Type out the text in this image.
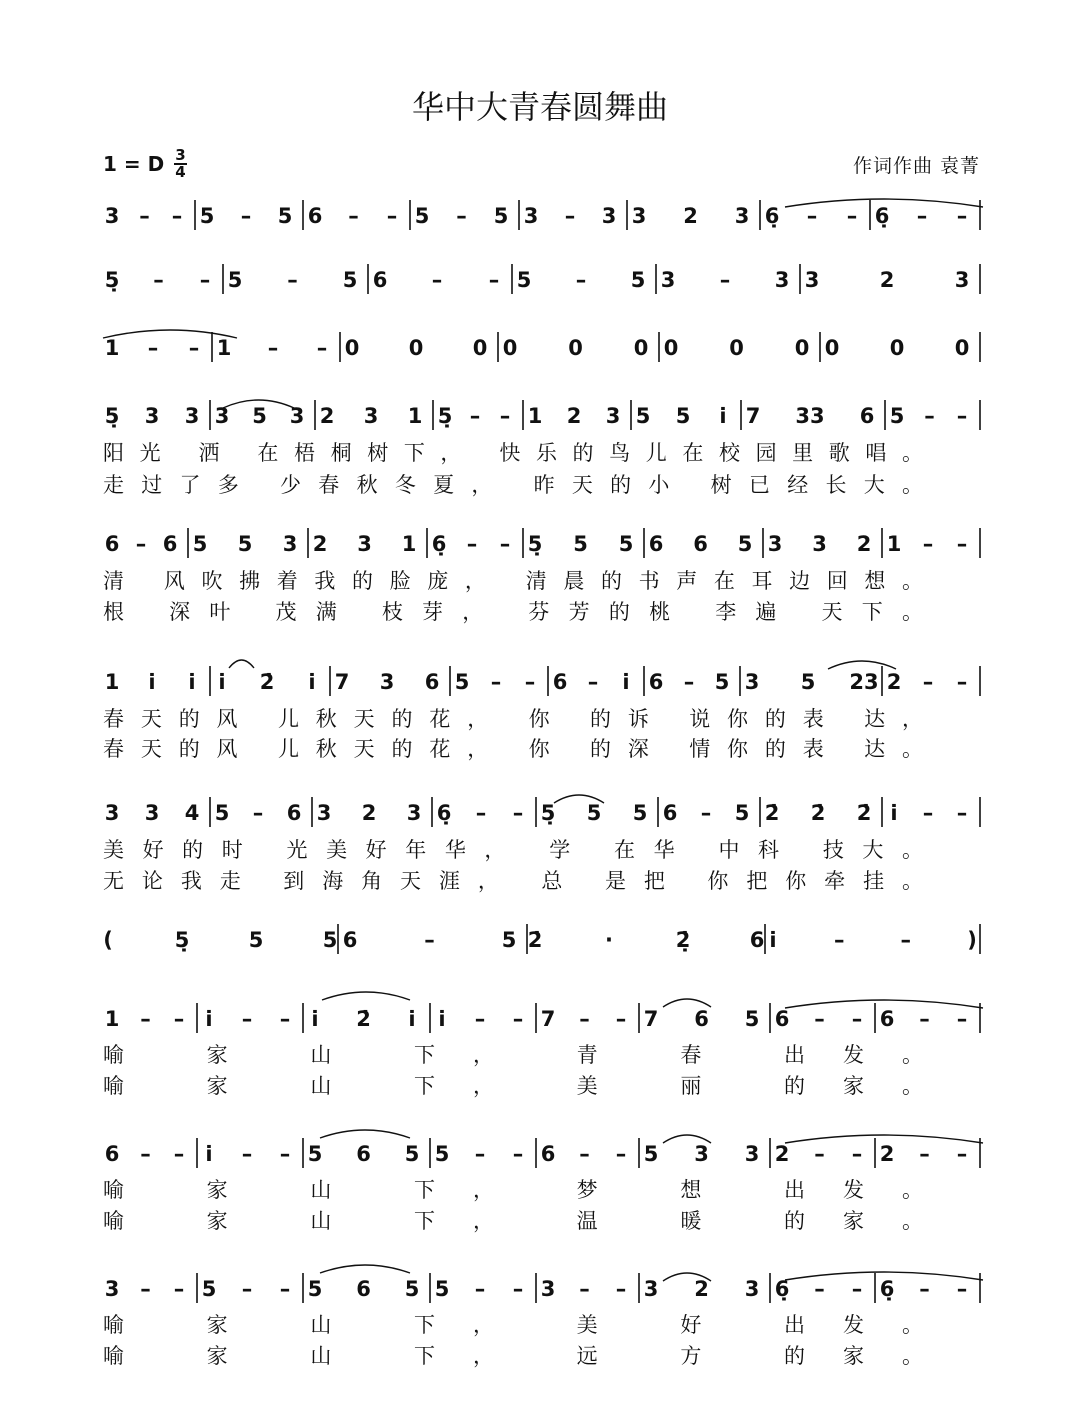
华中大青春圆舞曲
1 = D $\frac{3}{4}$	作词作曲 袁菁
3 – – 5 – 5 6 – – 5 – 5 3 – 3 3 2 3 6̣ – – 6̣ – –
5̣ – – 5 – 5 6 – – 5 – 5 3 – 3 3	2	3
1 – – 1 – – 0 0 0 0 0 0 0 0 0 0 0 0
5̣ 3 3 3 5 3 2 3 1 5̣ – – 1 2 3 5 5 i̇ 7 33 6 5 – –
阳光 洒 在梧桐树下， 快乐的鸟儿在校园里歌唱。
走过了多 少春秋冬夏， 昨天的小 树已经长大。
6 – 6 5 5 3 2 3 1 6̣ – – 5̣ 5 5 6 6 5 3 3 2 1 – –
清 风吹拂着我的脸庞， 清晨的书声在耳边回想。
根 深叶 茂满 枝芽， 芬芳的桃 李遍 天下。
1 i̇ i̇ i̇ 2̇ i̇ 7 3 6 5 – – 6 – i̇ 6 – 5 3 5 23 2 – –
春天的风 儿秋天的花， 你 的诉 说你的表 达，
春天的风 儿秋天的花， 你 的深 情你的表 达。
3 3 4 5 – 6 3 2 3 6̣ – – 5̣ 5 5 6 – 5 2̇ 2̇ 2̇ i̇ – –
美好的时 光美好年华， 学 在华 中科 技大。
无论我走 到海角天涯， 总 是把 你把你牵挂。
(	5̣	5	5 6	–	5 2̇	·	2̣̇	6 i̇	–	–	)
1 – – i̇ – – i̇ 2̇ i̇ i̇ – – 7 – – 7 6 5 6 – – 6 – –
喻 家 山 下， 青 春 出发。
喻 家 山 下， 美 丽 的家。
6 – – i̇ – – 5 6 5 5 – – 6 – – 5 3 3 2 – – 2 – –
喻 家 山 下， 梦 想 出发。
喻 家 山 下， 温 暖 的家。
3 – – 5 – – 5 6 5 5 – – 3 – – 3 2 3 6̣ – – 6̣ – –
喻 家 山 下， 美 好 出发。
喻 家 山 下， 远 方 的家。
